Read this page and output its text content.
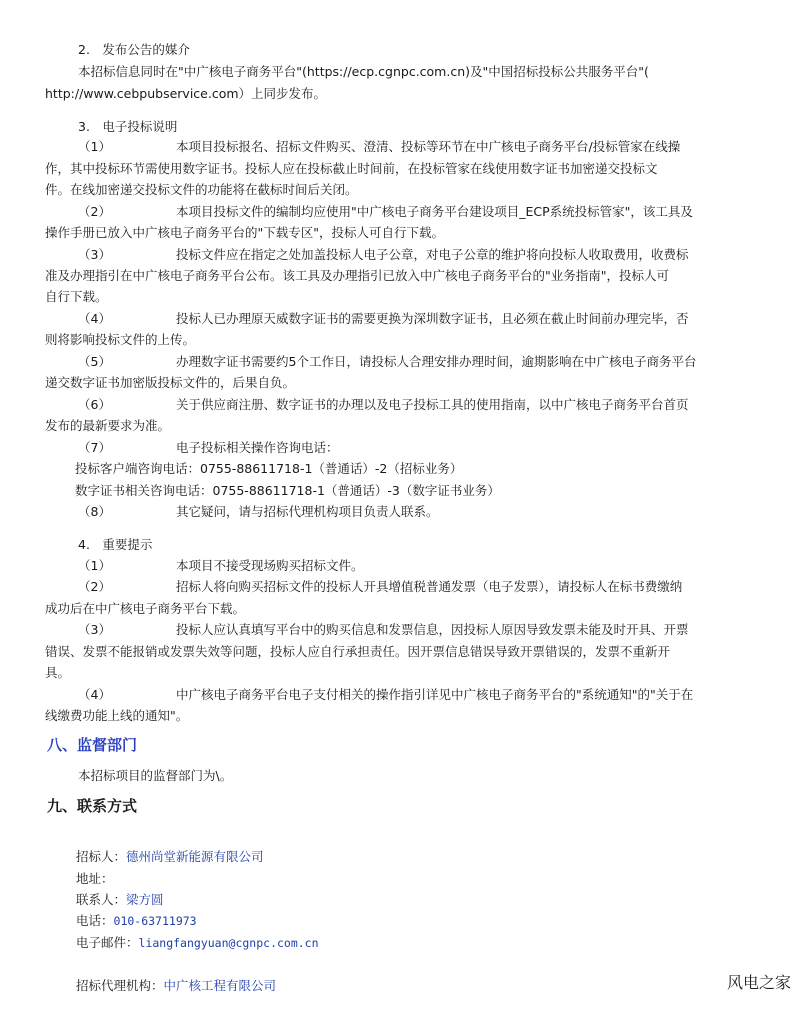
2.　发布公告的媒介
本招标信息同时在"中广核电子商务平台"(https://ecp.cgnpc.com.cn)及"中国招标投标公共服务平台"(
http://www.cebpubservice.com）上同步发布。
3.　电子投标说明
（1）	本项目投标报名、招标文件购买、澄清、投标等环节在中广核电子商务平台/投标管家在线操
作，其中投标环节需使用数字证书。投标人应在投标截止时间前，在投标管家在线使用数字证书加密递交投标文
件。在线加密递交投标文件的功能将在截标时间后关闭。
（2）	本项目投标文件的编制均应使用"中广核电子商务平台建设项目_ECP系统投标管家"，该工具及
操作手册已放入中广核电子商务平台的"下载专区"，投标人可自行下载。
（3）	投标文件应在指定之处加盖投标人电子公章，对电子公章的维护将向投标人收取费用，收费标
准及办理指引在中广核电子商务平台公布。该工具及办理指引已放入中广核电子商务平台的"业务指南"，投标人可
自行下载。
（4）	投标人已办理原天威数字证书的需要更换为深圳数字证书，且必须在截止时间前办理完毕，否
则将影响投标文件的上传。
（5）	办理数字证书需要约5个工作日，请投标人合理安排办理时间，逾期影响在中广核电子商务平台
递交数字证书加密版投标文件的，后果自负。
（6）	关于供应商注册、数字证书的办理以及电子投标工具的使用指南，以中广核电子商务平台首页
发布的最新要求为准。
（7）	电子投标相关操作咨询电话：
投标客户端咨询电话：0755-88611718-1（普通话）-2（招标业务）
数字证书相关咨询电话：0755-88611718-1（普通话）-3（数字证书业务）
（8）	其它疑问，请与招标代理机构项目负责人联系。
4.　重要提示
（1）	本项目不接受现场购买招标文件。
（2）	招标人将向购买招标文件的投标人开具增值税普通发票（电子发票），请投标人在标书费缴纳
成功后在中广核电子商务平台下载。
（3）	投标人应认真填写平台中的购买信息和发票信息，因投标人原因导致发票未能及时开具、开票
错误、发票不能报销或发票失效等问题，投标人应自行承担责任。因开票信息错误导致开票错误的，发票不重新开
具。
（4）	中广核电子商务平台电子支付相关的操作指引详见中广核电子商务平台的"系统通知"的"关于在
线缴费功能上线的通知"。
八、监督部门
本招标项目的监督部门为\。
九、联系方式
招标人：德州尚堂新能源有限公司
地址：
联系人：梁方圆
电话：010-63711973
电子邮件：liangfangyuan@cgnpc.com.cn
招标代理机构：中广核工程有限公司	风电之家
